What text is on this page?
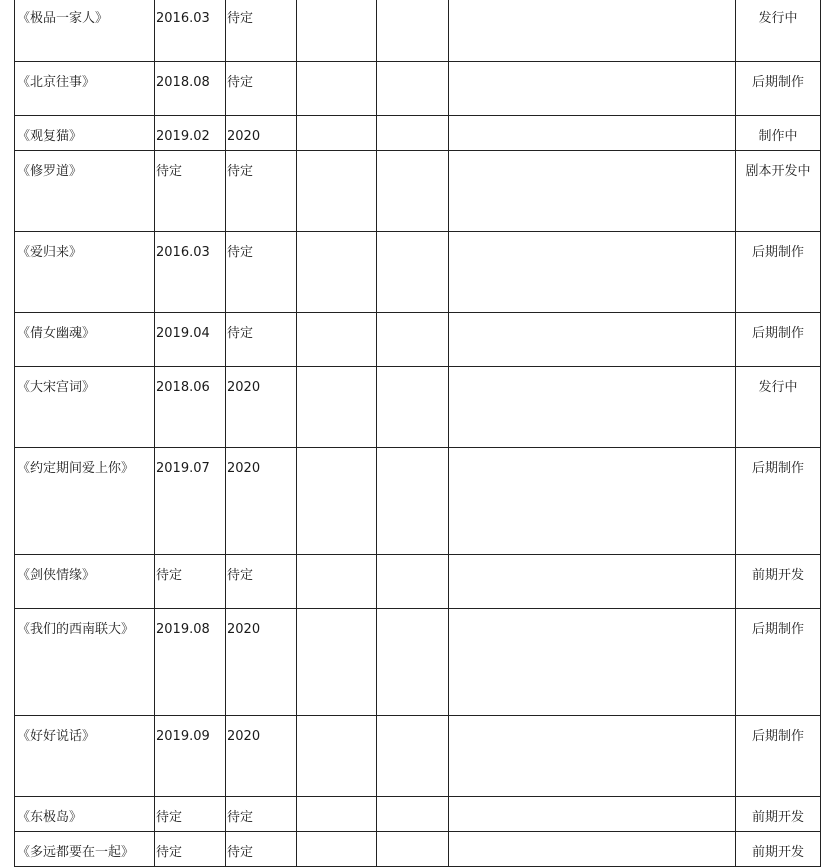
《极品一家人》	2016.03	待定				发行中

《北京往事》	2018.08	待定				后期制作

《观复猫》	2019.02	2020				制作中

《修罗道》	待定	待定				剧本开发中

《爱归来》	2016.03	待定				后期制作

《倩女幽魂》	2019.04	待定				后期制作

《大宋宫词》	2018.06	2020				发行中

《约定期间爱上你》	2019.07	2020				后期制作

《剑侠情缘》	待定	待定				前期开发

《我们的西南联大》	2019.08	2020				后期制作

《好好说话》	2019.09	2020				后期制作

《东极岛》	待定	待定				前期开发

《多远都要在一起》	待定	待定				前期开发
